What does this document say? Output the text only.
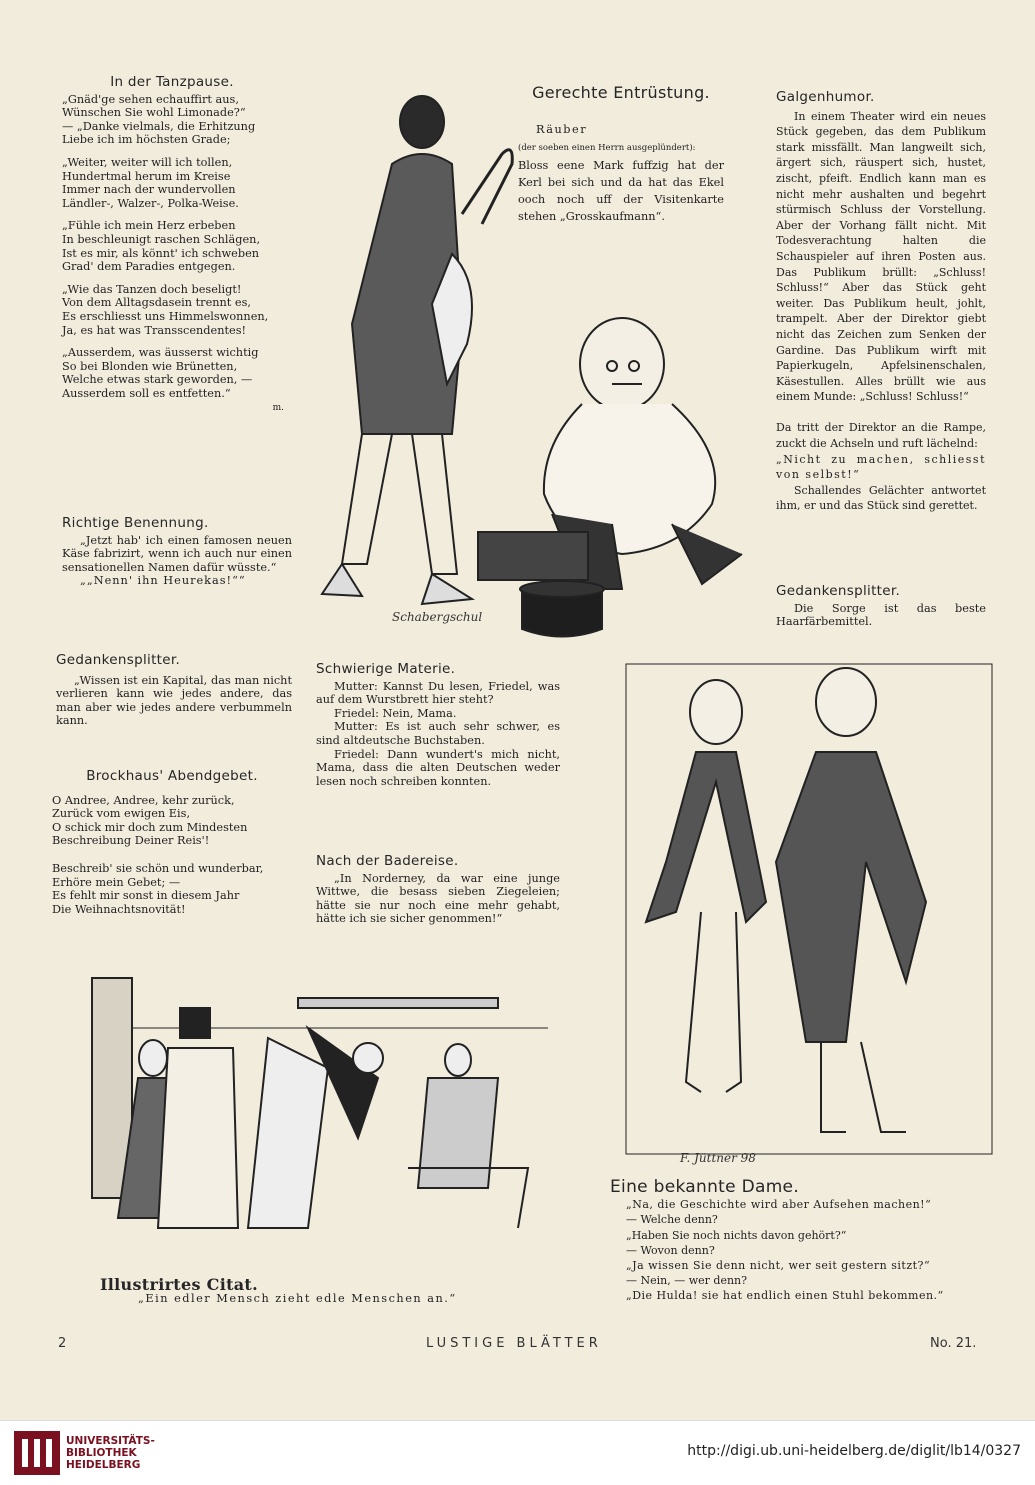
In der Tanzpause.

„Gnäd'ge sehen echauffirt aus,
Wünschen Sie wohl Limonade?“
— „Danke vielmals, die Erhitzung
Liebe ich im höchsten Grade;

„Weiter, weiter will ich tollen,
Hundertmal herum im Kreise
Immer nach der wundervollen
Ländler-, Walzer-, Polka-Weise.

„Fühle ich mein Herz erbeben
In beschleunigt raschen Schlägen,
Ist es mir, als könnt' ich schweben
Grad' dem Paradies entgegen.

„Wie das Tanzen doch beseligt!
Von dem Alltagsdasein trennt es,
Es erschliesst uns Himmelswonnen,
Ja, es hat was Transscendentes!

„Ausserdem, was äusserst wichtig
So bei Blonden wie Brünetten,
Welche etwas stark geworden, —
Ausserdem soll es entfetten.“

m.

Richtige Benennung.

„Jetzt hab' ich einen famosen neuen Käse fabrizirt, wenn ich auch nur einen sensationellen Namen dafür wüsste.“

„„Nenn' ihn Heurekas!““

Gedankensplitter.

„Wissen ist ein Kapital, das man nicht verlieren kann wie jedes andere, das man aber wie jedes andere verbummeln kann.

Brockhaus' Abendgebet.

O Andree, Andree, kehr zurück,
Zurück vom ewigen Eis,
O schick mir doch zum Mindesten
Beschreibung Deiner Reis'!

Beschreib' sie schön und wunderbar,
Erhöre mein Gebet; —
Es fehlt mir sonst in diesem Jahr
Die Weihnachtsnovität!

Gerechte Entrüstung.

Räuber
(der soeben einen Herrn ausgeplündert):
Bloss eene Mark fuffzig hat der Kerl bei sich und da hat das Ekel ooch noch uff der Visitenkarte stehen „Grosskaufmann“.

Galgenhumor.

In einem Theater wird ein neues Stück gegeben, das dem Publikum stark missfällt. Man langweilt sich, ärgert sich, räuspert sich, hustet, zischt, pfeift. Endlich kann man es nicht mehr aushalten und begehrt stürmisch Schluss der Vorstellung. Aber der Vorhang fällt nicht. Mit Todesverachtung halten die Schauspieler auf ihren Posten aus. Das Publikum brüllt: „Schluss! Schluss!“ Aber das Stück geht weiter. Das Publikum heult, johlt, trampelt. Aber der Direktor giebt nicht das Zeichen zum Senken der Gardine. Das Publikum wirft mit Papierkugeln, Apfelsinenschalen, Käsestullen. Alles brüllt wie aus einem Munde: „Schluss! Schluss!“

Da tritt der Direktor an die Rampe, zuckt die Achseln und ruft lächelnd:
„Nicht zu machen, schliesst von selbst!“

Schallendes Gelächter antwortet ihm, er und das Stück sind gerettet.

Gedankensplitter.

Die Sorge ist das beste Haarfärbemittel.

Schwierige Materie.

Mutter: Kannst Du lesen, Friedel, was auf dem Wurstbrett hier steht?

Friedel: Nein, Mama.

Mutter: Es ist auch sehr schwer, es sind altdeutsche Buchstaben.

Friedel: Dann wundert's mich nicht, Mama, dass die alten Deutschen weder lesen noch schreiben konnten.

Nach der Badereise.

„In Norderney, da war eine junge Wittwe, die besass sieben Ziegeleien; hätte sie nur noch eine mehr gehabt, hätte ich sie sicher genommen!“

Schabergschul
F. Jüttner 98
Illustrirtes Citat.

„Ein edler Mensch zieht edle Menschen an.“

Eine bekannte Dame.

„Na, die Geschichte wird aber Aufsehen machen!“

— Welche denn?

„Haben Sie noch nichts davon gehört?“

— Wovon denn?

„Ja wissen Sie denn nicht, wer seit gestern sitzt?“

— Nein, — wer denn?

„Die Hulda! sie hat endlich einen Stuhl bekommen.“

2	LUSTIGE BLÄTTER	No. 21.
UNIVERSITÄTS-
BIBLIOTHEK
HEIDELBERG
http://digi.ub.uni-heidelberg.de/diglit/lb14/0327
